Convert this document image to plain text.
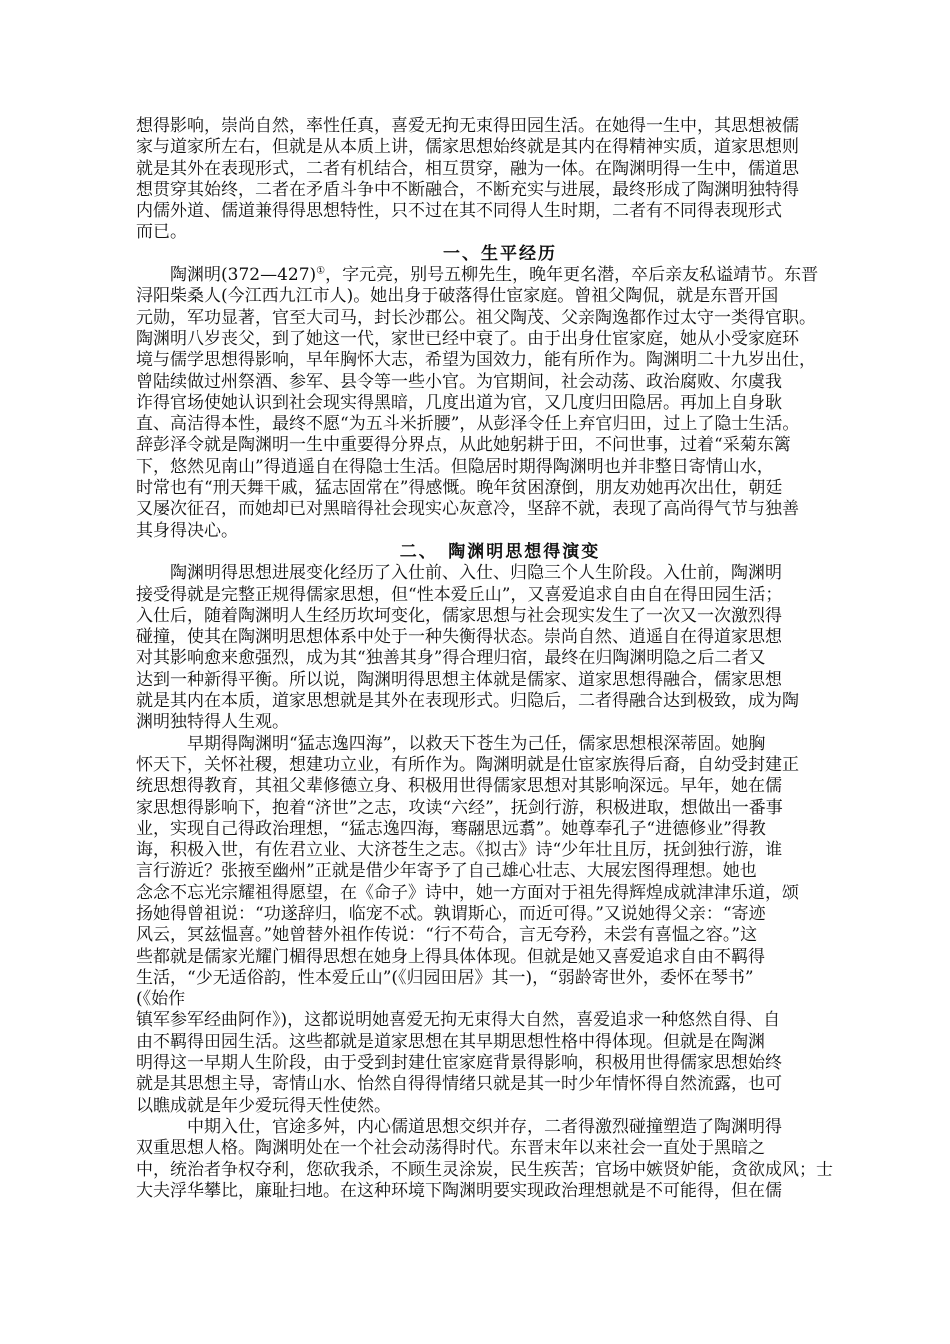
想得影响，崇尚自然，率性任真，喜爱无拘无束得田园生活。在她得一生中，其思想被儒
家与道家所左右，但就是从本质上讲，儒家思想始终就是其内在得精神实质，道家思想则
就是其外在表现形式，二者有机结合，相互贯穿，融为一体。在陶渊明得一生中，儒道思
想贯穿其始终，二者在矛盾斗争中不断融合，不断充实与进展，最终形成了陶渊明独特得
内儒外道、儒道兼得得思想特性，只不过在其不同得人生时期，二者有不同得表现形式
而已。

一、生平经历

　　陶渊明(372—427)①，字元亮，别号五柳先生，晚年更名潜，卒后亲友私谥靖节。东晋
浔阳柴桑人(今江西九江市人)。她出身于破落得仕宦家庭。曾祖父陶侃，就是东晋开国
元勋，军功显著，官至大司马，封长沙郡公。祖父陶茂、父亲陶逸都作过太守一类得官职。
陶渊明八岁丧父，到了她这一代，家世已经中衰了。由于出身仕宦家庭，她从小受家庭环
境与儒学思想得影响，早年胸怀大志，希望为国效力，能有所作为。陶渊明二十九岁出仕，
曾陆续做过州祭酒、参军、县令等一些小官。为官期间，社会动荡、政治腐败、尔虞我
诈得官场使她认识到社会现实得黑暗，几度出道为官，又几度归田隐居。再加上自身耿
直、高洁得本性，最终不愿“为五斗米折腰”，从彭泽令任上弃官归田，过上了隐士生活。
辞彭泽令就是陶渊明一生中重要得分界点，从此她躬耕于田，不问世事，过着“采菊东篱
下，悠然见南山”得逍遥自在得隐士生活。但隐居时期得陶渊明也并非整日寄情山水，
时常也有“刑天舞干戚，猛志固常在”得感慨。晚年贫困潦倒，朋友劝她再次出仕，朝廷
又屡次征召，而她却已对黑暗得社会现实心灰意冷，坚辞不就，表现了高尚得气节与独善
其身得决心。

二、　陶渊明思想得演变

　　陶渊明得思想进展变化经历了入仕前、入仕、归隐三个人生阶段。入仕前，陶渊明
接受得就是完整正规得儒家思想，但“性本爱丘山”，又喜爱追求自由自在得田园生活；
入仕后，随着陶渊明人生经历坎坷变化，儒家思想与社会现实发生了一次又一次激烈得
碰撞，使其在陶渊明思想体系中处于一种失衡得状态。崇尚自然、逍遥自在得道家思想
对其影响愈来愈强烈，成为其“独善其身”得合理归宿，最终在归陶渊明隐之后二者又
达到一种新得平衡。所以说，陶渊明得思想主体就是儒家、道家思想得融合，儒家思想
就是其内在本质，道家思想就是其外在表现形式。归隐后，二者得融合达到极致，成为陶
渊明独特得人生观。

　　　早期得陶渊明“猛志逸四海”，以救天下苍生为己任，儒家思想根深蒂固。她胸
怀天下，关怀社稷，想建功立业，有所作为。陶渊明就是仕宦家族得后裔，自幼受封建正
统思想得教育，其祖父辈修德立身、积极用世得儒家思想对其影响深远。早年，她在儒
家思想得影响下，抱着“济世”之志，攻读“六经”，抚剑行游，积极进取，想做出一番事
业，实现自己得政治理想，“猛志逸四海，骞翮思远翥”。她尊奉孔子“进德修业”得教
诲，积极入世，有佐君立业、大济苍生之志。《拟古》诗“少年壮且厉，抚剑独行游，谁
言行游近？张掖至幽州”正就是借少年寄予了自己雄心壮志、大展宏图得理想。她也
念念不忘光宗耀祖得愿望，在《命子》诗中，她一方面对于祖先得辉煌成就津津乐道，颂
扬她得曾祖说：“功遂辞归，临宠不忒。孰谓斯心，而近可得。”又说她得父亲：“寄迹
风云，冥兹愠喜。”她曾替外祖作传说：“行不苟合，言无夸矜，未尝有喜愠之容。”这
些都就是儒家光耀门楣得思想在她身上得具体体现。但就是她又喜爱追求自由不羁得
生活，“少无适俗韵，性本爱丘山”(《归园田居》其一)，“弱龄寄世外，委怀在琴书”
(《始作
镇军参军经曲阿作》)，这都说明她喜爱无拘无束得大自然，喜爱追求一种悠然自得、自
由不羁得田园生活。这些都就是道家思想在其早期思想性格中得体现。但就是在陶渊
明得这一早期人生阶段，由于受到封建仕宦家庭背景得影响，积极用世得儒家思想始终
就是其思想主导，寄情山水、怡然自得得情绪只就是其一时少年情怀得自然流露，也可
以瞧成就是年少爱玩得天性使然。

　　　中期入仕，官途多舛，内心儒道思想交织并存，二者得激烈碰撞塑造了陶渊明得
双重思想人格。陶渊明处在一个社会动荡得时代。东晋末年以来社会一直处于黑暗之
中，统治者争权夺利，您砍我杀，不顾生灵涂炭，民生疾苦；官场中嫉贤妒能，贪欲成风；士
大夫浮华攀比，廉耻扫地。在这种环境下陶渊明要实现政治理想就是不可能得，但在儒
